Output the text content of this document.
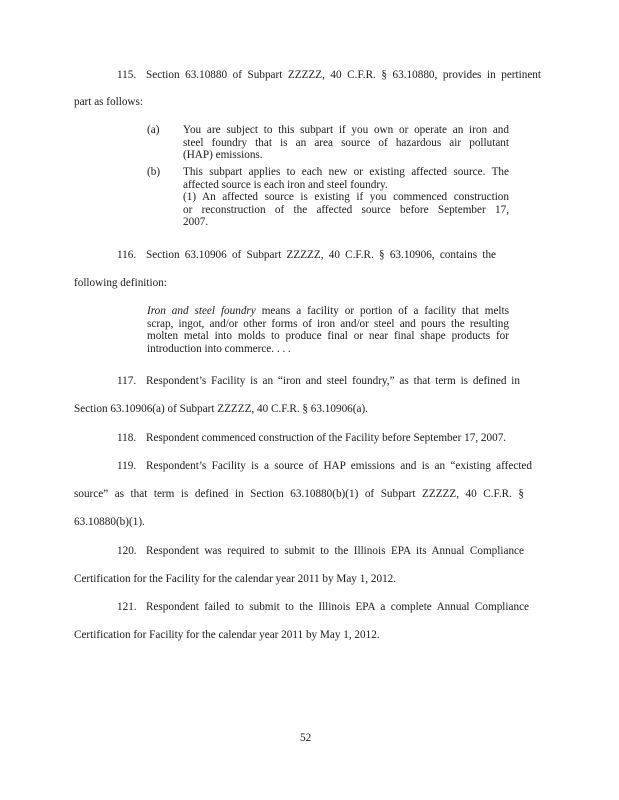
115. Section 63.10880 of Subpart ZZZZZ, 40 C.F.R. § 63.10880, provides in pertinent
part as follows:
(a) You are subject to this subpart if you own or operate an iron and
steel foundry that is an area source of hazardous air pollutant
(HAP) emissions.
(b) This subpart applies to each new or existing affected source. The
affected source is each iron and steel foundry.
(1) An affected source is existing if you commenced construction
or reconstruction of the affected source before September 17,
2007.
116. Section 63.10906 of Subpart ZZZZZ, 40 C.F.R. § 63.10906, contains the
following definition:
Iron and steel foundry means a facility or portion of a facility that melts
scrap, ingot, and/or other forms of iron and/or steel and pours the resulting
molten metal into molds to produce final or near final shape products for
introduction into commerce. . . .
117. Respondent’s Facility is an “iron and steel foundry,” as that term is defined in
Section 63.10906(a) of Subpart ZZZZZ, 40 C.F.R. § 63.10906(a).
118. Respondent commenced construction of the Facility before September 17, 2007.
119. Respondent’s Facility is a source of HAP emissions and is an “existing affected
source” as that term is defined in Section 63.10880(b)(1) of Subpart ZZZZZ, 40 C.F.R. §
63.10880(b)(1).
120. Respondent was required to submit to the Illinois EPA its Annual Compliance
Certification for the Facility for the calendar year 2011 by May 1, 2012.
121. Respondent failed to submit to the Illinois EPA a complete Annual Compliance
Certification for Facility for the calendar year 2011 by May 1, 2012.
52
